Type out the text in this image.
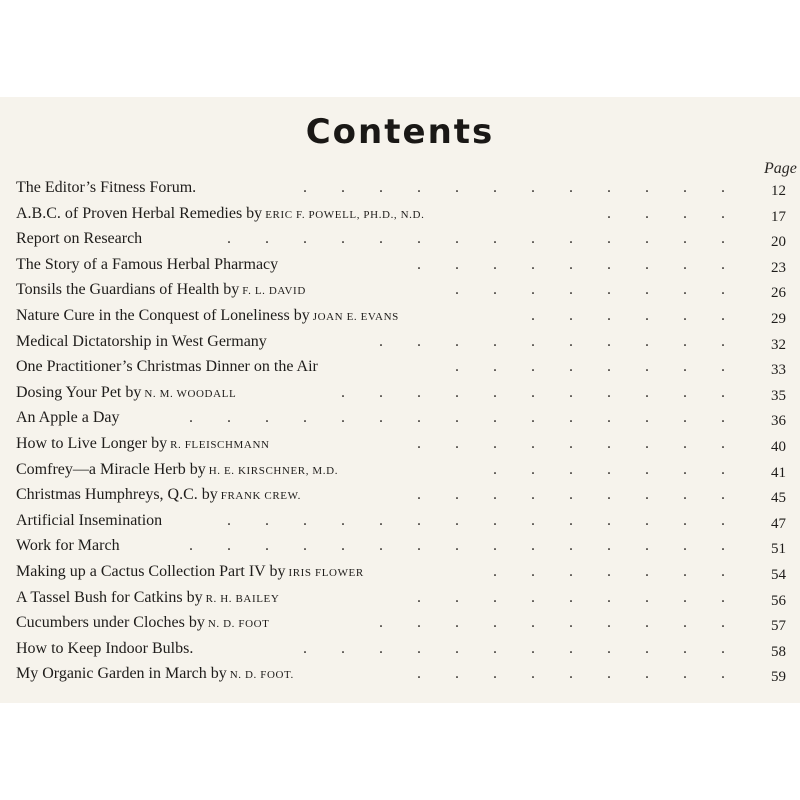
Contents
Page
The Editor’s Fitness Forum.	.	.	.	.	.	.	.	.	.	.	.	.	12
A.B.C. of Proven Herbal Remedies by ERIC F. POWELL, PH.D., N.D.	.	.	.	.	17
Report on Research	.	.	.	.	.	.	.	.	.	.	.	.	.	.	20
The Story of a Famous Herbal Pharmacy	.	.	.	.	.	.	.	.	.	23
Tonsils the Guardians of Health by F. L. DAVID	.	.	.	.	.	.	.	.	26
Nature Cure in the Conquest of Loneliness by JOAN E. EVANS	.	.	.	.	.	.	29
Medical Dictatorship in West Germany	.	.	.	.	.	.	.	.	.	.	32
One Practitioner’s Christmas Dinner on the Air	.	.	.	.	.	.	.	.	33
Dosing Your Pet by N. M. WOODALL	.	.	.	.	.	.	.	.	.	.	.	35
An Apple a Day	.	.	.	.	.	.	.	.	.	.	.	.	.	.	.	36
How to Live Longer by R. FLEISCHMANN	.	.	.	.	.	.	.	.	.	40
Comfrey—a Miracle Herb by H. E. KIRSCHNER, M.D.	.	.	.	.	.	.	.	41
Christmas Humphreys, Q.C. by FRANK CREW.	.	.	.	.	.	.	.	.	.	45
Artificial Insemination	.	.	.	.	.	.	.	.	.	.	.	.	.	.	47
Work for March	.	.	.	.	.	.	.	.	.	.	.	.	.	.	.	51
Making up a Cactus Collection Part IV by IRIS FLOWER	.	.	.	.	.	.	.	54
A Tassel Bush for Catkins by R. H. BAILEY	.	.	.	.	.	.	.	.	.	56
Cucumbers under Cloches by N. D. FOOT	.	.	.	.	.	.	.	.	.	.	57
How to Keep Indoor Bulbs.	.	.	.	.	.	.	.	.	.	.	.	.	58
My Organic Garden in March by N. D. FOOT.	.	.	.	.	.	.	.	.	.	59
